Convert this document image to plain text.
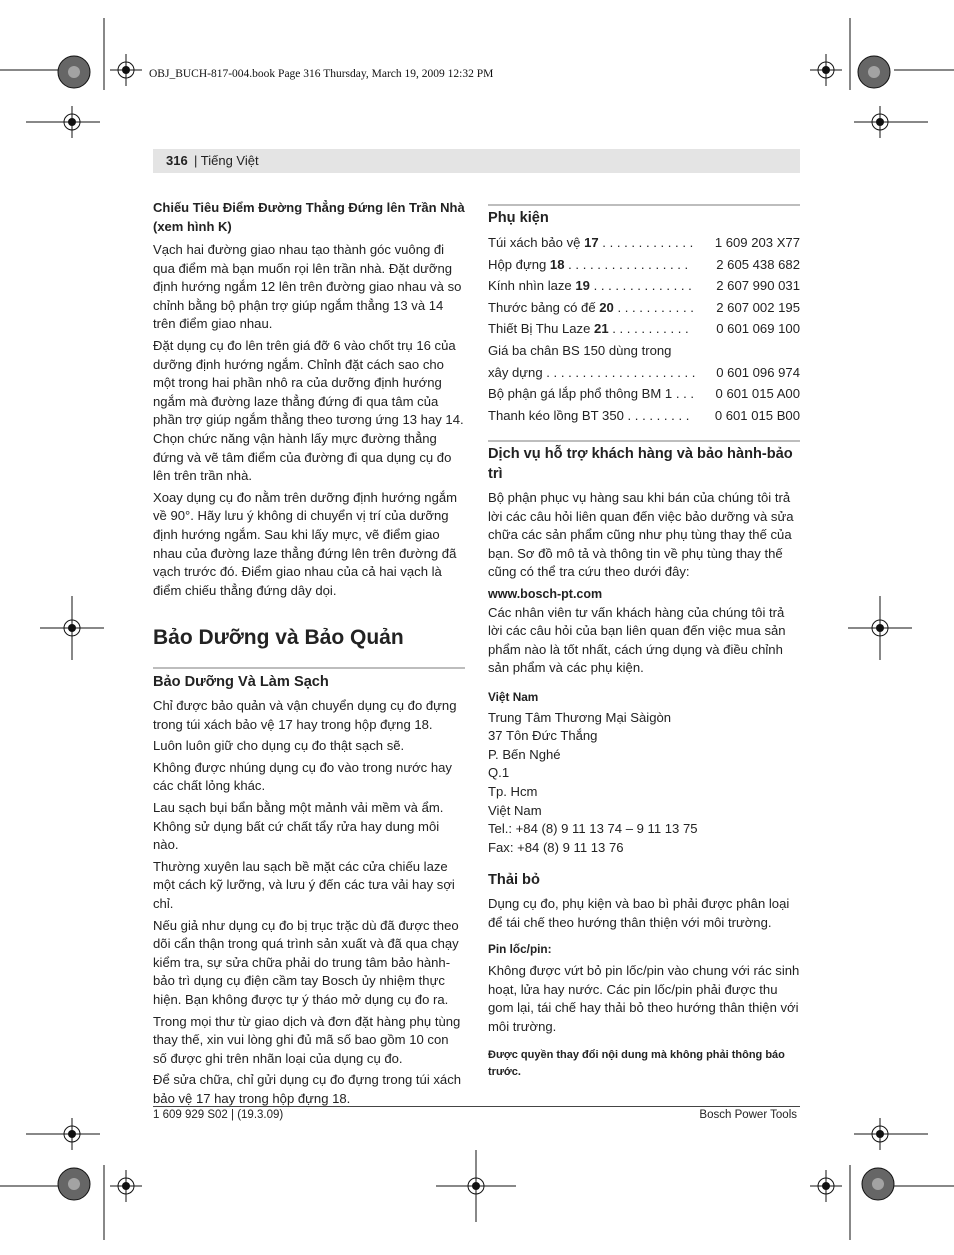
OBJ_BUCH-817-004.book Page 316 Thursday, March 19, 2009 12:32 PM
316 | Tiếng Việt
Chiếu Tiêu Điểm Đường Thẳng Đứng lên Trần Nhà (xem hình K)

Vạch hai đường giao nhau tạo thành góc vuông đi qua điểm mà bạn muốn rọi lên trần nhà. Đặt dưỡng định hướng ngắm 12 lên trên đường giao nhau và so chỉnh bằng bộ phận trợ giúp ngắm thẳng 13 và 14 trên điểm giao nhau.

Đặt dụng cụ đo lên trên giá đỡ 6 vào chốt trụ 16 của dưỡng định hướng ngắm. Chỉnh đặt cách sao cho một trong hai phần nhô ra của dưỡng định hướng ngắm mà đường laze thẳng đứng đi qua tâm của phần trợ giúp ngắm thẳng theo tương ứng 13 hay 14. Chọn chức năng vận hành lấy mực đường thẳng đứng và vẽ tâm điểm của đường đi qua dụng cụ đo lên trên trần nhà.

Xoay dụng cụ đo nằm trên dưỡng định hướng ngắm về 90°. Hãy lưu ý không di chuyển vị trí của dưỡng định hướng ngắm. Sau khi lấy mực, vẽ điểm giao nhau của đường laze thẳng đứng lên trên đường đã vạch trước đó. Điểm giao nhau của cả hai vạch là điểm chiếu thẳng đứng dây dọi.

Bảo Dưỡng và Bảo Quản
Bảo Dưỡng Và Làm Sạch

Chỉ được bảo quản và vận chuyển dụng cụ đo đựng trong túi xách bảo vệ 17 hay trong hộp đựng 18.

Luôn luôn giữ cho dụng cụ đo thật sạch sẽ.

Không được nhúng dụng cụ đo vào trong nước hay các chất lỏng khác.

Lau sạch bụi bẩn bằng một mảnh vải mềm và ẩm. Không sử dụng bất cứ chất tẩy rửa hay dung môi nào.

Thường xuyên lau sạch bề mặt các cửa chiếu laze một cách kỹ lưỡng, và lưu ý đến các tưa vải hay sợi chỉ.

Nếu giả như dụng cụ đo bị trục trặc dù đã được theo dõi cẩn thận trong quá trình sản xuất và đã qua chạy kiểm tra, sự sửa chữa phải do trung tâm bảo hành-bảo trì dụng cụ điện cầm tay Bosch ủy nhiệm thực hiện. Bạn không được tự ý tháo mở dụng cụ đo ra.

Trong mọi thư từ giao dịch và đơn đặt hàng phụ tùng thay thế, xin vui lòng ghi đủ mã số bao gồm 10 con số được ghi trên nhãn loại của dụng cụ đo.

Để sửa chữa, chỉ gửi dụng cụ đo đựng trong túi xách bảo vệ 17 hay trong hộp đựng 18.

Phụ kiện
Túi xách bảo vệ 17 . . . . . . . . . . . . . 1 609 203 X77
Hộp đựng 18 . . . . . . . . . . . . . . . . . 2 605 438 682
Kính nhìn laze 19 . . . . . . . . . . . . . . 2 607 990 031
Thước bảng có đế 20 . . . . . . . . . . . 2 607 002 195
Thiết Bị Thu Laze 21 . . . . . . . . . . . 0 601 069 100
Giá ba chân BS 150 dùng trong
xây dựng . . . . . . . . . . . . . . . . . . . . . 0 601 096 974
Bộ phận gá lắp phổ thông BM 1 . . . 0 601 015 A00
Thanh kéo lồng BT 350 . . . . . . . . . 0 601 015 B00
Dịch vụ hỗ trợ khách hàng và bảo hành-bảo trì

Bộ phận phục vụ hàng sau khi bán của chúng tôi trả lời các câu hỏi liên quan đến việc bảo dưỡng và sửa chữa các sản phẩm cũng như phụ tùng thay thế của bạn. Sơ đồ mô tả và thông tin về phụ tùng thay thế cũng có thể tra cứu theo dưới đây:

www.bosch-pt.com

Các nhân viên tư vấn khách hàng của chúng tôi trả lời các câu hỏi của bạn liên quan đến việc mua sản phẩm nào là tốt nhất, cách ứng dụng và điều chỉnh sản phẩm và các phụ kiện.

Việt Nam

Trung Tâm Thương Mại Sàigòn
37 Tôn Đức Thắng
P. Bến Nghé
Q.1
Tp. Hcm
Việt Nam
Tel.: +84 (8) 9 11 13 74 – 9 11 13 75
Fax: +84 (8) 9 11 13 76
Thải bỏ

Dụng cụ đo, phụ kiện và bao bì phải được phân loại để tái chế theo hướng thân thiện với môi trường.

Pin lốc/pin:

Không được vứt bỏ pin lốc/pin vào chung với rác sinh hoạt, lửa hay nước. Các pin lốc/pin phải được thu gom lại, tái chế hay thải bỏ theo hướng thân thiện với môi trường.

Được quyền thay đổi nội dung mà không phải thông báo trước.

1 609 929 S02 | (19.3.09)	Bosch Power Tools
